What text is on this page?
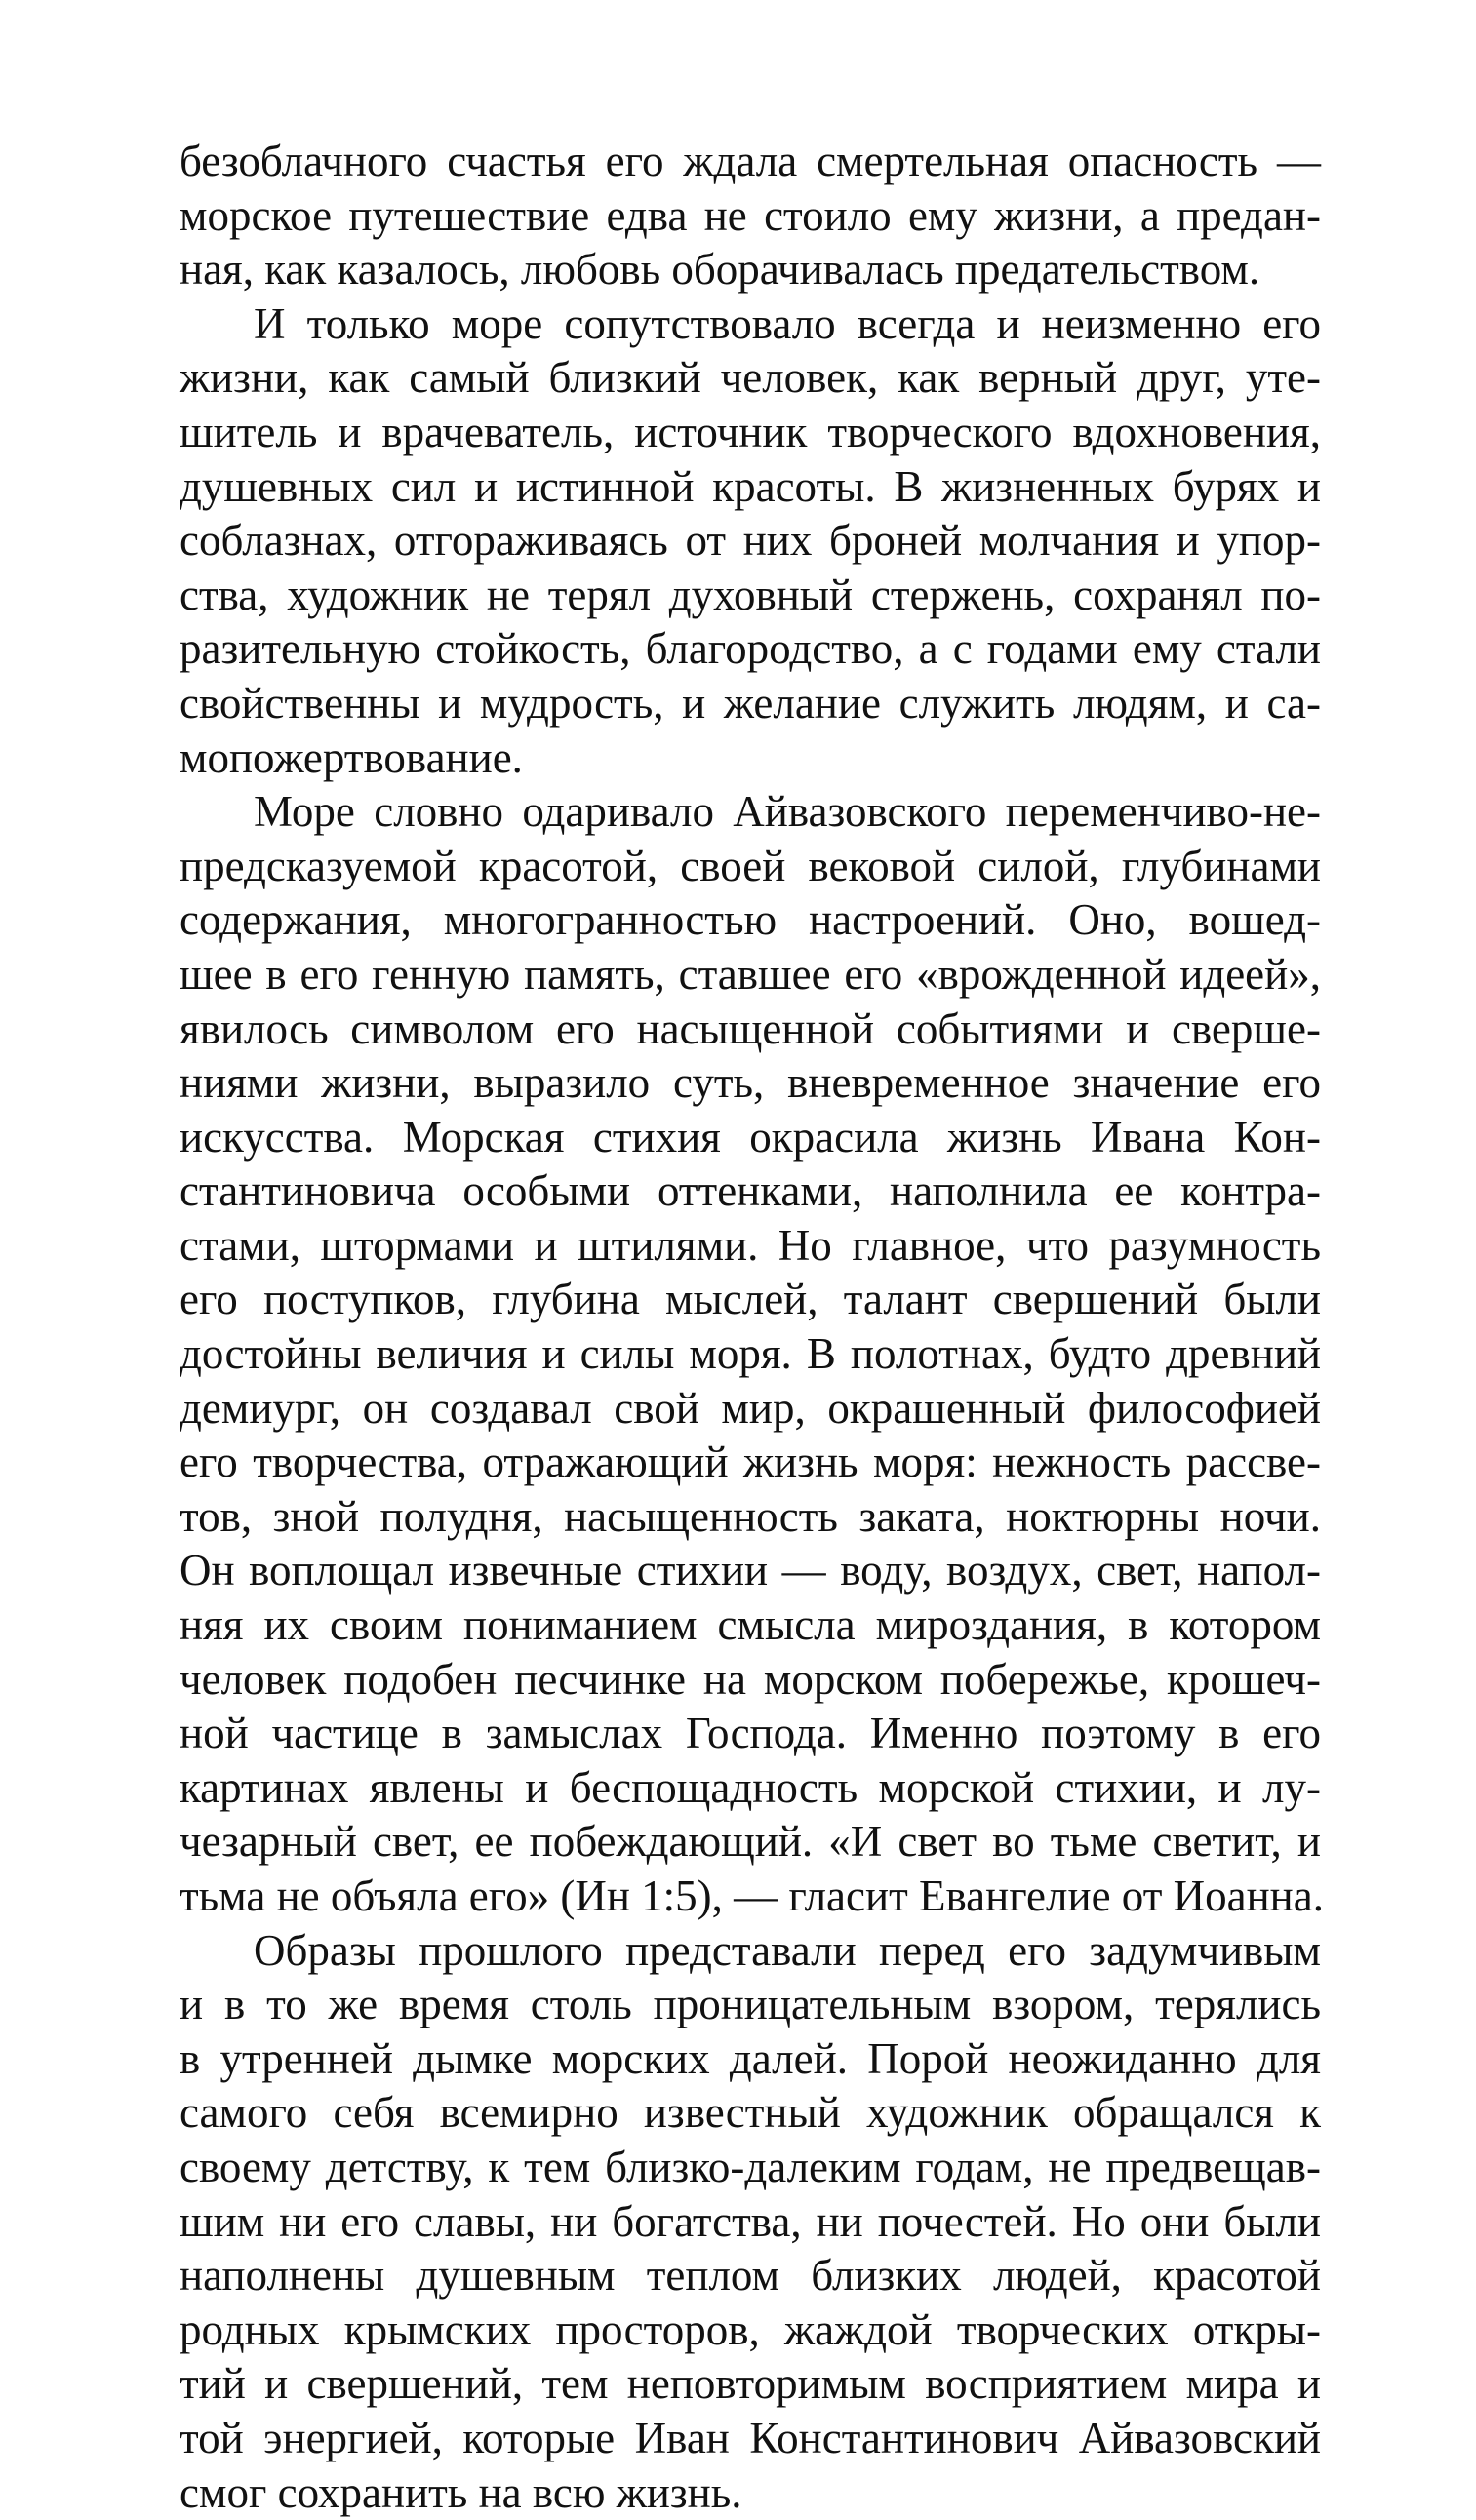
безоблачного счастья его ждала смертельная опасность —
морское путешествие едва не стоило ему жизни, а предан-
ная, как казалось, любовь оборачивалась предательством.
И только море сопутствовало всегда и неизменно его
жизни, как самый близкий человек, как верный друг, уте-
шитель и врачеватель, источник творческого вдохновения,
душевных сил и истинной красоты. В жизненных бурях и
соблазнах, отгораживаясь от них броней молчания и упор-
ства, художник не терял духовный стержень, сохранял по-
разительную стойкость, благородство, а с годами ему стали
свойственны и мудрость, и желание служить людям, и са-
мопожертвование.
Море словно одаривало Айвазовского переменчиво-не-
предсказуемой красотой, своей вековой силой, глубинами
содержания, многогранностью настроений. Оно, вошед-
шее в его генную память, ставшее его «врожденной идеей»,
явилось символом его насыщенной событиями и сверше-
ниями жизни, выразило суть, вневременное значение его
искусства. Морская стихия окрасила жизнь Ивана Кон-
стантиновича особыми оттенками, наполнила ее контра-
стами, штормами и штилями. Но главное, что разумность
его поступков, глубина мыслей, талант свершений были
достойны величия и силы моря. В полотнах, будто древний
демиург, он создавал свой мир, окрашенный философией
его творчества, отражающий жизнь моря: нежность рассве-
тов, зной полудня, насыщенность заката, ноктюрны ночи.
Он воплощал извечные стихии — воду, воздух, свет, напол-
няя их своим пониманием смысла мироздания, в котором
человек подобен песчинке на морском побережье, крошеч-
ной частице в замыслах Господа. Именно поэтому в его
картинах явлены и беспощадность морской стихии, и лу-
чезарный свет, ее побеждающий. «И свет во тьме светит, и
тьма не объяла его» (Ин 1:5), — гласит Евангелие от Иоанна.
Образы прошлого представали перед его задумчивым
и в то же время столь проницательным взором, терялись
в утренней дымке морских далей. Порой неожиданно для
самого себя всемирно известный художник обращался к
своему детству, к тем близко-далеким годам, не предвещав-
шим ни его славы, ни богатства, ни почестей. Но они были
наполнены душевным теплом близких людей, красотой
родных крымских просторов, жаждой творческих откры-
тий и свершений, тем неповторимым восприятием мира и
той энергией, которые Иван Константинович Айвазовский
смог сохранить на всю жизнь.
